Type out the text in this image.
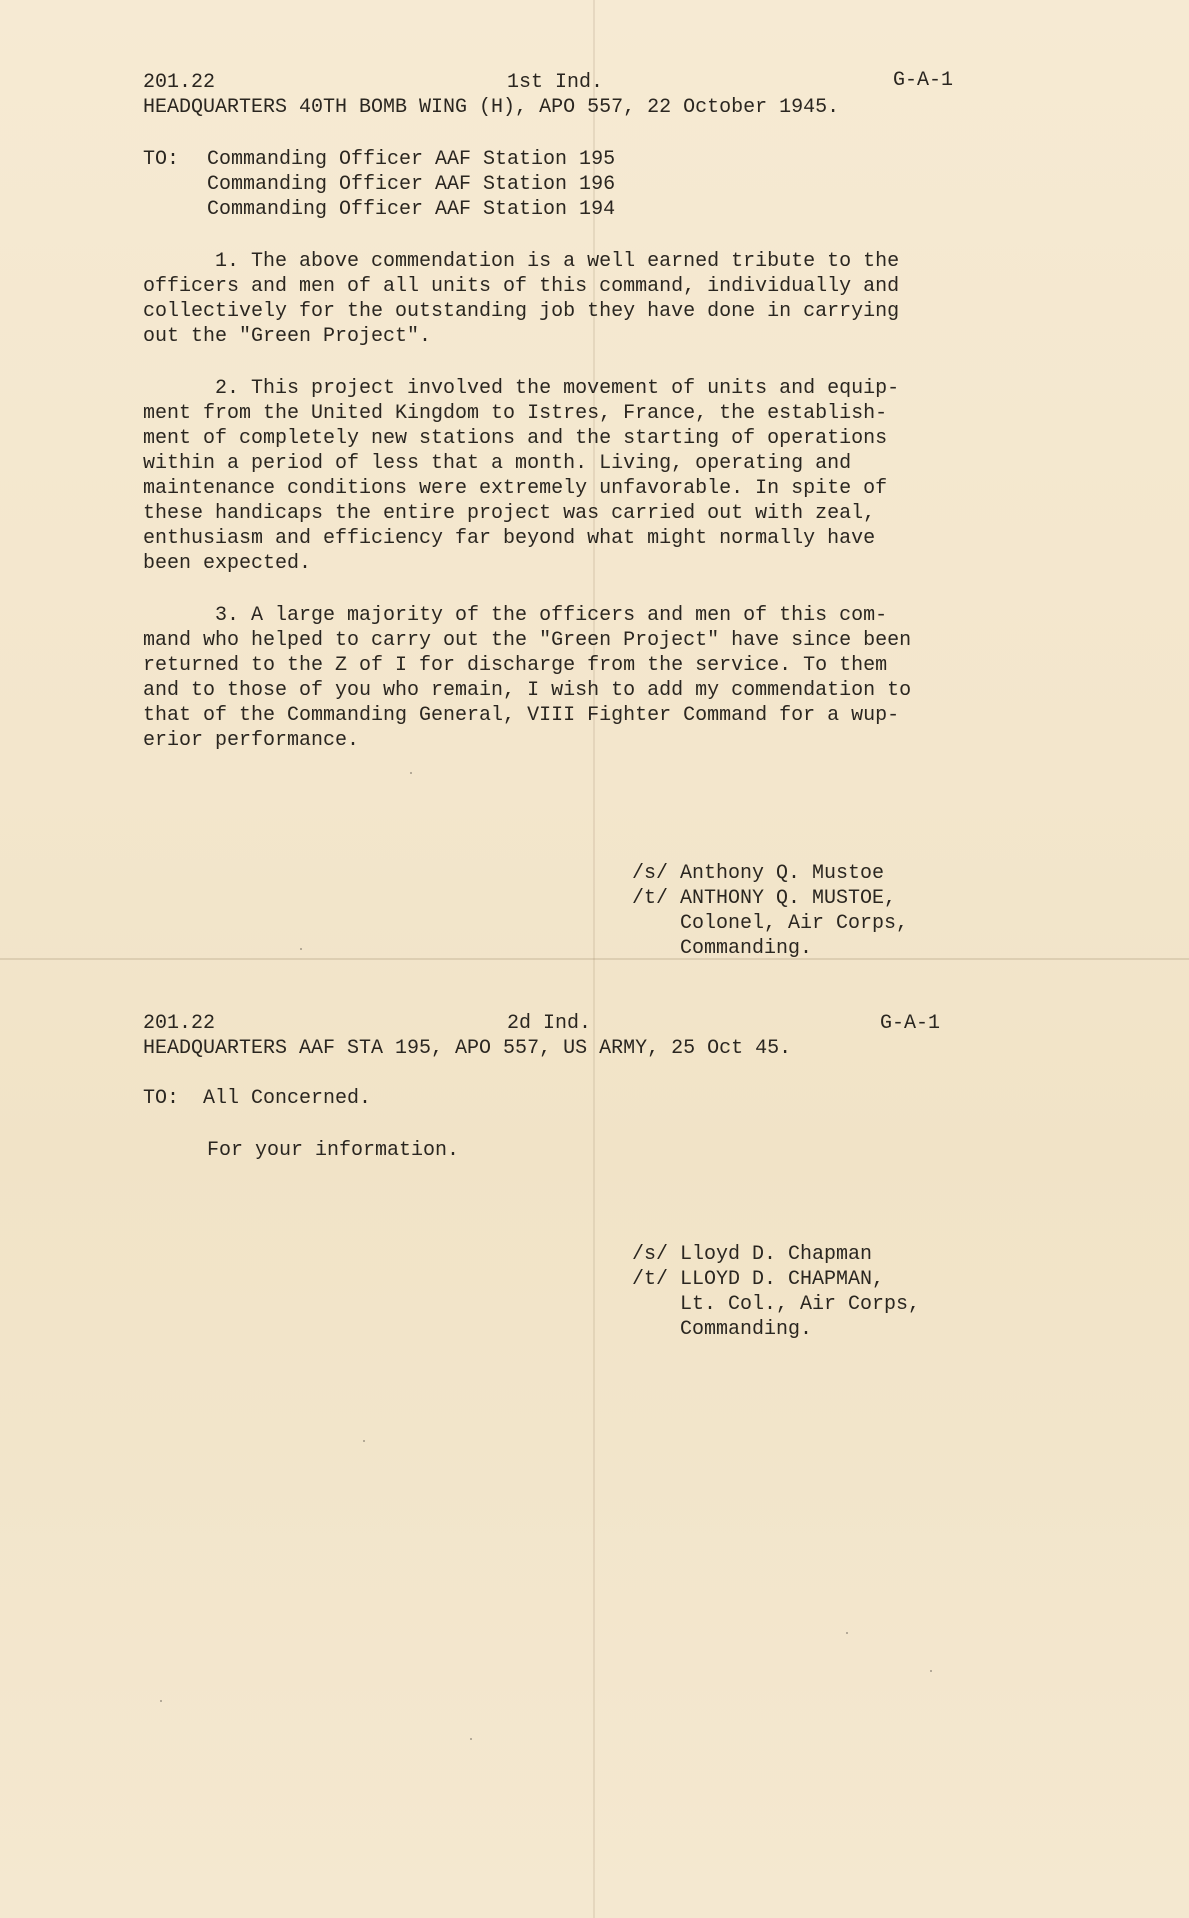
201.22	1st Ind.	G-A-1
HEADQUARTERS 40TH BOMB WING (H), APO 557, 22 October 1945.
TO: Commanding Officer AAF Station 195
Commanding Officer AAF Station 196
Commanding Officer AAF Station 194
1. The above commendation is a well earned tribute to the
officers and men of all units of this command, individually and
collectively for the outstanding job they have done in carrying
out the "Green Project".
2. This project involved the movement of units and equip-
ment from the United Kingdom to Istres, France, the establish-
ment of completely new stations and the starting of operations
within a period of less that a month. Living, operating and
maintenance conditions were extremely unfavorable. In spite of
these handicaps the entire project was carried out with zeal,
enthusiasm and efficiency far beyond what might normally have
been expected.
3. A large majority of the officers and men of this com-
mand who helped to carry out the "Green Project" have since been
returned to the Z of I for discharge from the service. To them
and to those of you who remain, I wish to add my commendation to
that of the Commanding General, VIII Fighter Command for a wup-
erior performance.
/s/ Anthony Q. Mustoe
/t/ ANTHONY Q. MUSTOE,
Colonel, Air Corps,
Commanding.
201.22	2d Ind.	G-A-1
HEADQUARTERS AAF STA 195, APO 557, US ARMY, 25 Oct 45.
TO:  All Concerned.
For your information.
/s/ Lloyd D. Chapman
/t/ LLOYD D. CHAPMAN,
Lt. Col., Air Corps,
Commanding.
